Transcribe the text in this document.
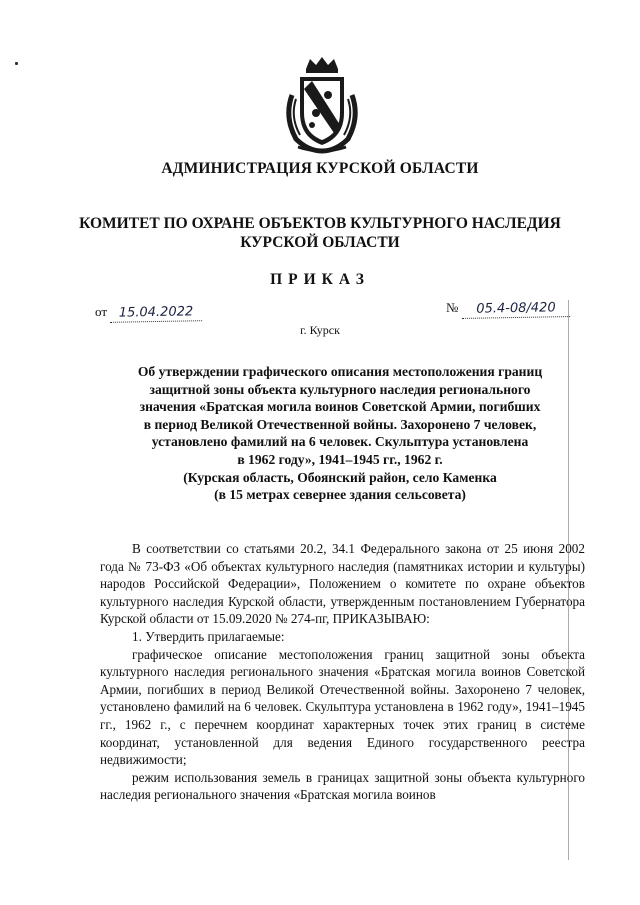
АДМИНИСТРАЦИЯ КУРСКОЙ ОБЛАСТИ
КОМИТЕТ ПО ОХРАНЕ ОБЪЕКТОВ КУЛЬТУРНОГО НАСЛЕДИЯ КУРСКОЙ ОБЛАСТИ
ПРИКАЗ
от 15.04.2022	№ 05.4-08/420
г. Курск
Об утверждении графического описания местоположения границ
защитной зоны объекта культурного наследия регионального
значения «Братская могила воинов Советской Армии, погибших
в период Великой Отечественной войны. Захоронено 7 человек,
установлено фамилий на 6 человек. Скульптура установлена
в 1962 году», 1941–1945 гг., 1962 г.
(Курская область, Обоянский район, село Каменка
(в 15 метрах севернее здания сельсовета)

В соответствии со статьями 20.2, 34.1 Федерального закона от 25 июня 2002 года № 73-ФЗ «Об объектах культурного наследия (памятниках истории и культуры) народов Российской Федерации», Положением о комитете по охране объектов культурного наследия Курской области, утвержденным постановлением Губернатора Курской области от 15.09.2020 № 274-пг, ПРИКАЗЫВАЮ:

1. Утвердить прилагаемые:

графическое описание местоположения границ защитной зоны объекта культурного наследия регионального значения «Братская могила воинов Советской Армии, погибших в период Великой Отечественной войны. Захоронено 7 человек, установлено фамилий на 6 человек. Скульптура установлена в 1962 году», 1941–1945 гг., 1962 г., с перечнем координат характерных точек этих границ в системе координат, установленной для ведения Единого государственного реестра недвижимости;

режим использования земель в границах защитной зоны объекта культурного наследия регионального значения «Братская могила воинов
